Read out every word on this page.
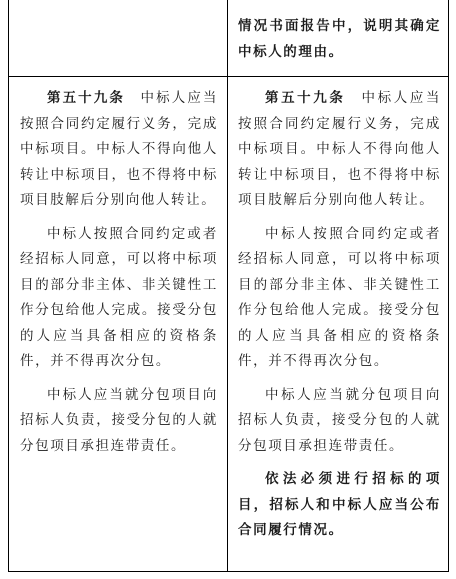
情况书面报告中，说明其确定中标人的理由。

第五十九条　 中标人应当按照合同约定履行义务，完成中标项目。中标人不得向他人转让中标项目，也不得将中标项目肢解后分别向他人转让。

中标人按照合同约定或者经招标人同意，可以将中标项目的部分非主体、非关键性工作分包给他人完成。接受分包的人应当具备相应的资格条件，并不得再次分包。

中标人应当就分包项目向招标人负责，接受分包的人就分包项目承担连带责任。

第五十九条　 中标人应当按照合同约定履行义务，完成中标项目。中标人不得向他人转让中标项目，也不得将中标项目肢解后分别向他人转让。

中标人按照合同约定或者经招标人同意，可以将中标项目的部分非主体、非关键性工作分包给他人完成。接受分包的人应当具备相应的资格条件，并不得再次分包。

中标人应当就分包项目向招标人负责，接受分包的人就分包项目承担连带责任。

依法必须进行招标的项目，招标人和中标人应当公布合同履行情况。
